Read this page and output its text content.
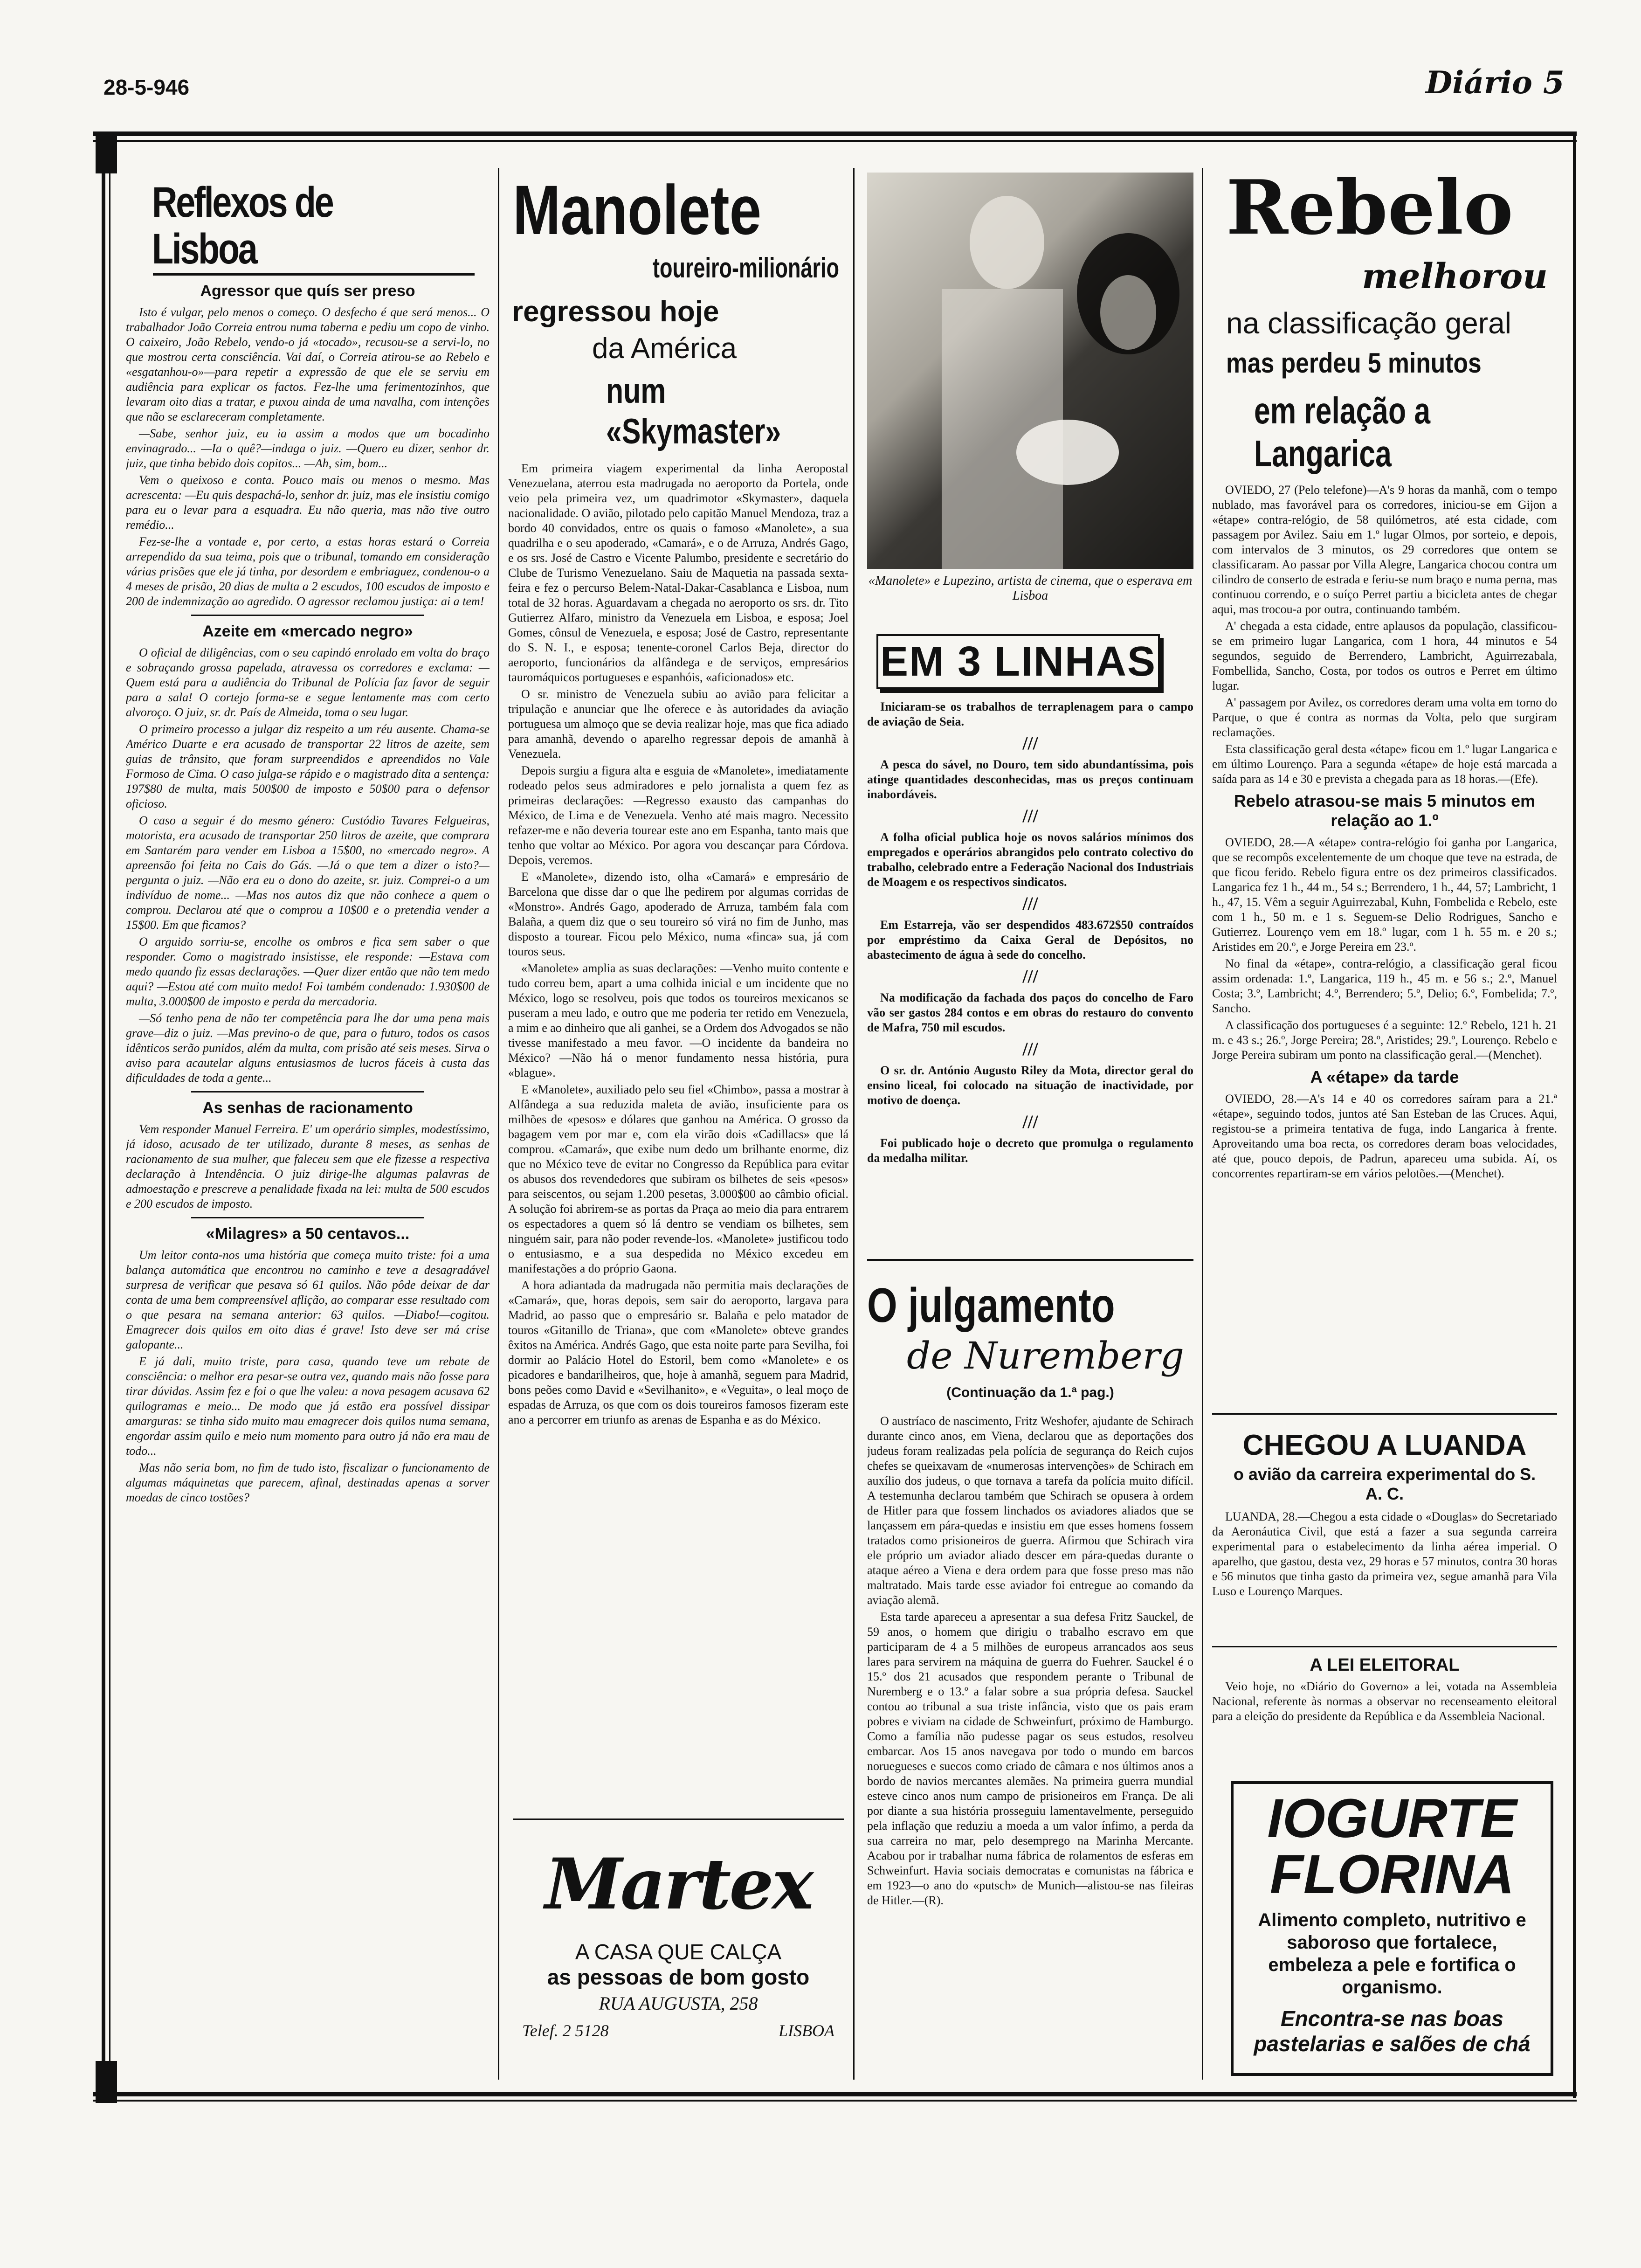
28-5-946	Diário 5
Reflexos de Lisboa
Agressor que quís ser preso

Isto é vulgar, pelo menos o começo. O desfecho é que será menos... O trabalhador João Correia entrou numa taberna e pediu um copo de vinho. O caixeiro, João Rebelo, vendo-o já «tocado», recusou-se a servi-lo, no que mostrou certa consciência. Vai daí, o Correia atirou-se ao Rebelo e «esgatanhou-o»—para repetir a expressão de que ele se serviu em audiência para explicar os factos. Fez-lhe uma ferimentozinhos, que levaram oito dias a tratar, e puxou ainda de uma navalha, com intenções que não se esclareceram completamente.

—Sabe, senhor juiz, eu ia assim a modos que um bocadinho envinagrado... —Ia o quê?—indaga o juiz. —Quero eu dizer, senhor dr. juiz, que tinha bebido dois copitos... —Ah, sim, bom...

Vem o queixoso e conta. Pouco mais ou menos o mesmo. Mas acrescenta: —Eu quis despachá-lo, senhor dr. juiz, mas ele insistiu comigo para eu o levar para a esquadra. Eu não queria, mas não tive outro remédio...

Fez-se-lhe a vontade e, por certo, a estas horas estará o Correia arrependido da sua teima, pois que o tribunal, tomando em consideração várias prisões que ele já tinha, por desordem e embriaguez, condenou-o a 4 meses de prisão, 20 dias de multa a 2 escudos, 100 escudos de imposto e 200 de indemnização ao agredido. O agressor reclamou justiça: ai a tem!

Azeite em «mercado negro»

O oficial de diligências, com o seu capindó enrolado em volta do braço e sobraçando grossa papelada, atravessa os corredores e exclama: —Quem está para a audiência do Tribunal de Polícia faz favor de seguir para a sala! O cortejo forma-se e segue lentamente mas com certo alvoroço. O juiz, sr. dr. País de Almeida, toma o seu lugar.

O primeiro processo a julgar diz respeito a um réu ausente. Chama-se Américo Duarte e era acusado de transportar 22 litros de azeite, sem guias de trânsito, que foram surpreendidos e apreendidos no Vale Formoso de Cima. O caso julga-se rápido e o magistrado dita a sentença: 197$80 de multa, mais 500$00 de imposto e 50$00 para o defensor oficioso.

O caso a seguir é do mesmo género: Custódio Tavares Felgueiras, motorista, era acusado de transportar 250 litros de azeite, que comprara em Santarém para vender em Lisboa a 15$00, no «mercado negro». A apreensão foi feita no Cais do Gás. —Já o que tem a dizer o isto?—pergunta o juiz. —Não era eu o dono do azeite, sr. juiz. Comprei-o a um indivíduo de nome... —Mas nos autos diz que não conhece a quem o comprou. Declarou até que o comprou a 10$00 e o pretendia vender a 15$00. Em que ficamos?

O arguido sorriu-se, encolhe os ombros e fica sem saber o que responder. Como o magistrado insistisse, ele responde: —Estava com medo quando fiz essas declarações. —Quer dizer então que não tem medo aqui? —Estou até com muito medo! Foi também condenado: 1.930$00 de multa, 3.000$00 de imposto e perda da mercadoria.

—Só tenho pena de não ter competência para lhe dar uma pena mais grave—diz o juiz. —Mas previno-o de que, para o futuro, todos os casos idênticos serão punidos, além da multa, com prisão até seis meses. Sirva o aviso para acautelar alguns entusiasmos de lucros fáceis à custa das dificuldades de toda a gente...

As senhas de racionamento

Vem responder Manuel Ferreira. E' um operário simples, modestíssimo, já idoso, acusado de ter utilizado, durante 8 meses, as senhas de racionamento de sua mulher, que faleceu sem que ele fizesse a respectiva declaração à Intendência. O juiz dirige-lhe algumas palavras de admoestação e prescreve a penalidade fixada na lei: multa de 500 escudos e 200 escudos de imposto.

«Milagres» a 50 centavos...

Um leitor conta-nos uma história que começa muito triste: foi a uma balança automática que encontrou no caminho e teve a desagradável surpresa de verificar que pesava só 61 quilos. Não pôde deixar de dar conta de uma bem compreensível aflição, ao comparar esse resultado com o que pesara na semana anterior: 63 quilos. —Diabo!—cogitou. Emagrecer dois quilos em oito dias é grave! Isto deve ser má crise galopante...

E já dali, muito triste, para casa, quando teve um rebate de consciência: o melhor era pesar-se outra vez, quando mais não fosse para tirar dúvidas. Assim fez e foi o que lhe valeu: a nova pesagem acusava 62 quilogramas e meio... De modo que já estão era possível dissipar amarguras: se tinha sido muito mau emagrecer dois quilos numa semana, engordar assim quilo e meio num momento para outro já não era mau de todo...

Mas não seria bom, no fim de tudo isto, fiscalizar o funcionamento de algumas máquinetas que parecem, afinal, destinadas apenas a sorver moedas de cinco tostões?

Manolete
toureiro-milionário
regressou hoje
da América
num «Skymaster»

Em primeira viagem experimental da linha Aeropostal Venezuelana, aterrou esta madrugada no aeroporto da Portela, onde veio pela primeira vez, um quadrimotor «Skymaster», daquela nacionalidade. O avião, pilotado pelo capitão Manuel Mendoza, traz a bordo 40 convidados, entre os quais o famoso «Manolete», a sua quadrilha e o seu apoderado, «Camará», e o de Arruza, Andrés Gago, e os srs. José de Castro e Vicente Palumbo, presidente e secretário do Clube de Turismo Venezuelano. Saiu de Maquetia na passada sexta-feira e fez o percurso Belem-Natal-Dakar-Casablanca e Lisboa, num total de 32 horas. Aguardavam a chegada no aeroporto os srs. dr. Tito Gutierrez Alfaro, ministro da Venezuela em Lisboa, e esposa; Joel Gomes, cônsul de Venezuela, e esposa; José de Castro, representante do S. N. I., e esposa; tenente-coronel Carlos Beja, director do aeroporto, funcionários da alfândega e de serviços, empresários tauromáquicos portugueses e espanhóis, «aficionados» etc.

O sr. ministro de Venezuela subiu ao avião para felicitar a tripulação e anunciar que lhe oferece e às autoridades da aviação portuguesa um almoço que se devia realizar hoje, mas que fica adiado para amanhã, devendo o aparelho regressar depois de amanhã à Venezuela.

Depois surgiu a figura alta e esguia de «Manolete», imediatamente rodeado pelos seus admiradores e pelo jornalista a quem fez as primeiras declarações: —Regresso exausto das campanhas do México, de Lima e de Venezuela. Venho até mais magro. Necessito refazer-me e não deveria tourear este ano em Espanha, tanto mais que tenho que voltar ao México. Por agora vou descançar para Córdova. Depois, veremos.

E «Manolete», dizendo isto, olha «Camará» e empresário de Barcelona que disse dar o que lhe pedirem por algumas corridas de «Monstro». Andrés Gago, apoderado de Arruza, também fala com Balaña, a quem diz que o seu toureiro só virá no fim de Junho, mas disposto a tourear. Ficou pelo México, numa «finca» sua, já com touros seus.

«Manolete» amplia as suas declarações: —Venho muito contente e tudo correu bem, apart a uma colhida inicial e um incidente que no México, logo se resolveu, pois que todos os toureiros mexicanos se puseram a meu lado, e outro que me poderia ter retido em Venezuela, a mim e ao dinheiro que ali ganhei, se a Ordem dos Advogados se não tivesse manifestado a meu favor. —O incidente da bandeira no México? —Não há o menor fundamento nessa história, pura «blague».

E «Manolete», auxiliado pelo seu fiel «Chimbo», passa a mostrar à Alfândega a sua reduzida maleta de avião, insuficiente para os milhões de «pesos» e dólares que ganhou na América. O grosso da bagagem vem por mar e, com ela virão dois «Cadillacs» que lá comprou. «Camará», que exibe num dedo um brilhante enorme, diz que no México teve de evitar no Congresso da República para evitar os abusos dos revendedores que subiram os bilhetes de seis «pesos» para seiscentos, ou sejam 1.200 pesetas, 3.000$00 ao câmbio oficial. A solução foi abrirem-se as portas da Praça ao meio dia para entrarem os espectadores a quem só lá dentro se vendiam os bilhetes, sem ninguém sair, para não poder revende-los. «Manolete» justificou todo o entusiasmo, e a sua despedida no México excedeu em manifestações a do próprio Gaona.

A hora adiantada da madrugada não permitia mais declarações de «Camará», que, horas depois, sem sair do aeroporto, largava para Madrid, ao passo que o empresário sr. Balaña e pelo matador de touros «Gitanillo de Triana», que com «Manolete» obteve grandes êxitos na América. Andrés Gago, que esta noite parte para Sevilha, foi dormir ao Palácio Hotel do Estoril, bem como «Manolete» e os picadores e bandarilheiros, que, hoje à amanhã, seguem para Madrid, bons peões como David e «Sevilhanito», e «Veguita», o leal moço de espadas de Arruza, os que com os dois toureiros famosos fizeram este ano a percorrer em triunfo as arenas de Espanha e as do México.

Martex
A CASA QUE CALÇA
as pessoas de bom gosto
RUA AUGUSTA, 258
Telef. 2 5128	LISBOA
«Manolete» e Lupezino, artista de cinema, que o esperava em Lisboa
EM 3 LINHAS

Iniciaram-se os trabalhos de terraplenagem para o campo de aviação de Seia.

///

A pesca do sável, no Douro, tem sido abundantíssima, pois atinge quantidades desconhecidas, mas os preços continuam inabordáveis.

///

A folha oficial publica hoje os novos salários mínimos dos empregados e operários abrangidos pelo contrato colectivo do trabalho, celebrado entre a Federação Nacional dos Industriais de Moagem e os respectivos sindicatos.

///

Em Estarreja, vão ser despendidos 483.672$50 contraídos por empréstimo da Caixa Geral de Depósitos, no abastecimento de água à sede do concelho.

///

Na modificação da fachada dos paços do concelho de Faro vão ser gastos 284 contos e em obras do restauro do convento de Mafra, 750 mil escudos.

///

O sr. dr. António Augusto Riley da Mota, director geral do ensino liceal, foi colocado na situação de inactividade, por motivo de doença.

///

Foi publicado hoje o decreto que promulga o regulamento da medalha militar.

O julgamento
de Nuremberg
(Continuação da 1.ª pag.)

O austríaco de nascimento, Fritz Weshofer, ajudante de Schirach durante cinco anos, em Viena, declarou que as deportações dos judeus foram realizadas pela polícia de segurança do Reich cujos chefes se queixavam de «numerosas intervenções» de Schirach em auxílio dos judeus, o que tornava a tarefa da polícia muito difícil. A testemunha declarou também que Schirach se opusera à ordem de Hitler para que fossem linchados os aviadores aliados que se lançassem em pára-quedas e insistiu em que esses homens fossem tratados como prisioneiros de guerra. Afirmou que Schirach vira ele próprio um aviador aliado descer em pára-quedas durante o ataque aéreo a Viena e dera ordem para que fosse preso mas não maltratado. Mais tarde esse aviador foi entregue ao comando da aviação alemã.

Esta tarde apareceu a apresentar a sua defesa Fritz Sauckel, de 59 anos, o homem que dirigiu o trabalho escravo em que participaram de 4 a 5 milhões de europeus arrancados aos seus lares para servirem na máquina de guerra do Fuehrer. Sauckel é o 15.º dos 21 acusados que respondem perante o Tribunal de Nuremberg e o 13.º a falar sobre a sua própria defesa. Sauckel contou ao tribunal a sua triste infância, visto que os pais eram pobres e viviam na cidade de Schweinfurt, próximo de Hamburgo. Como a família não pudesse pagar os seus estudos, resolveu embarcar. Aos 15 anos navegava por todo o mundo em barcos noruegueses e suecos como criado de câmara e nos últimos anos a bordo de navios mercantes alemães. Na primeira guerra mundial esteve cinco anos num campo de prisioneiros em França. De ali por diante a sua história prosseguiu lamentavelmente, perseguido pela inflação que reduziu a moeda a um valor ínfimo, a perda da sua carreira no mar, pelo desemprego na Marinha Mercante. Acabou por ir trabalhar numa fábrica de rolamentos de esferas em Schweinfurt. Havia sociais democratas e comunistas na fábrica e em 1923—o ano do «putsch» de Munich—alistou-se nas fileiras de Hitler.—(R).

Rebelo
melhorou
na classificação geral
mas perdeu 5 minutos
em relação a Langarica

OVIEDO, 27 (Pelo telefone)—A's 9 horas da manhã, com o tempo nublado, mas favorável para os corredores, iniciou-se em Gijon a «étape» contra-relógio, de 58 quilómetros, até esta cidade, com passagem por Avilez. Saiu em 1.º lugar Olmos, por sorteio, e depois, com intervalos de 3 minutos, os 29 corredores que ontem se classificaram. Ao passar por Villa Alegre, Langarica chocou contra um cilindro de conserto de estrada e feriu-se num braço e numa perna, mas continuou correndo, e o suíço Perret partiu a bicicleta antes de chegar aqui, mas trocou-a por outra, continuando também.

A' chegada a esta cidade, entre aplausos da população, classificou-se em primeiro lugar Langarica, com 1 hora, 44 minutos e 54 segundos, seguido de Berrendero, Lambricht, Aguirrezabala, Fombellida, Sancho, Costa, por todos os outros e Perret em último lugar.

A' passagem por Avilez, os corredores deram uma volta em torno do Parque, o que é contra as normas da Volta, pelo que surgiram reclamações.

Esta classificação geral desta «étape» ficou em 1.º lugar Langarica e em último Lourenço. Para a segunda «étape» de hoje está marcada a saída para as 14 e 30 e prevista a chegada para as 18 horas.—(Efe).

Rebelo atrasou-se mais 5 minutos em relação ao 1.º

OVIEDO, 28.—A «étape» contra-relógio foi ganha por Langarica, que se recompôs excelentemente de um choque que teve na estrada, de que ficou ferido. Rebelo figura entre os dez primeiros classificados. Langarica fez 1 h., 44 m., 54 s.; Berrendero, 1 h., 44, 57; Lambricht, 1 h., 47, 15. Vêm a seguir Aguirrezabal, Kuhn, Fombelida e Rebelo, este com 1 h., 50 m. e 1 s. Seguem-se Delio Rodrigues, Sancho e Gutierrez. Lourenço vem em 18.º lugar, com 1 h. 55 m. e 20 s.; Aristides em 20.º, e Jorge Pereira em 23.º.

No final da «étape», contra-relógio, a classificação geral ficou assim ordenada: 1.º, Langarica, 119 h., 45 m. e 56 s.; 2.º, Manuel Costa; 3.º, Lambricht; 4.º, Berrendero; 5.º, Delio; 6.º, Fombelida; 7.º, Sancho.

A classificação dos portugueses é a seguinte: 12.º Rebelo, 121 h. 21 m. e 43 s.; 26.º, Jorge Pereira; 28.º, Aristides; 29.º, Lourenço. Rebelo e Jorge Pereira subiram um ponto na classificação geral.—(Menchet).

A «étape» da tarde

OVIEDO, 28.—A's 14 e 40 os corredores saíram para a 21.ª «étape», seguindo todos, juntos até San Esteban de las Cruces. Aqui, registou-se a primeira tentativa de fuga, indo Langarica à frente. Aproveitando uma boa recta, os corredores deram boas velocidades, até que, pouco depois, de Padrun, apareceu uma subida. Aí, os concorrentes repartiram-se em vários pelotões.—(Menchet).

CHEGOU A LUANDA
o avião da carreira experimental do S. A. C.

LUANDA, 28.—Chegou a esta cidade o «Douglas» do Secretariado da Aeronáutica Civil, que está a fazer a sua segunda carreira experimental para o estabelecimento da linha aérea imperial. O aparelho, que gastou, desta vez, 29 horas e 57 minutos, contra 30 horas e 56 minutos que tinha gasto da primeira vez, segue amanhã para Vila Luso e Lourenço Marques.

A LEI ELEITORAL

Veio hoje, no «Diário do Governo» a lei, votada na Assembleia Nacional, referente às normas a observar no recenseamento eleitoral para a eleição do presidente da República e da Assembleia Nacional.

IOGURTE
FLORINA
Alimento completo, nutritivo e saboroso que fortalece, embeleza a pele e fortifica o organismo.
Encontra-se nas boas pastelarias e salões de chá
